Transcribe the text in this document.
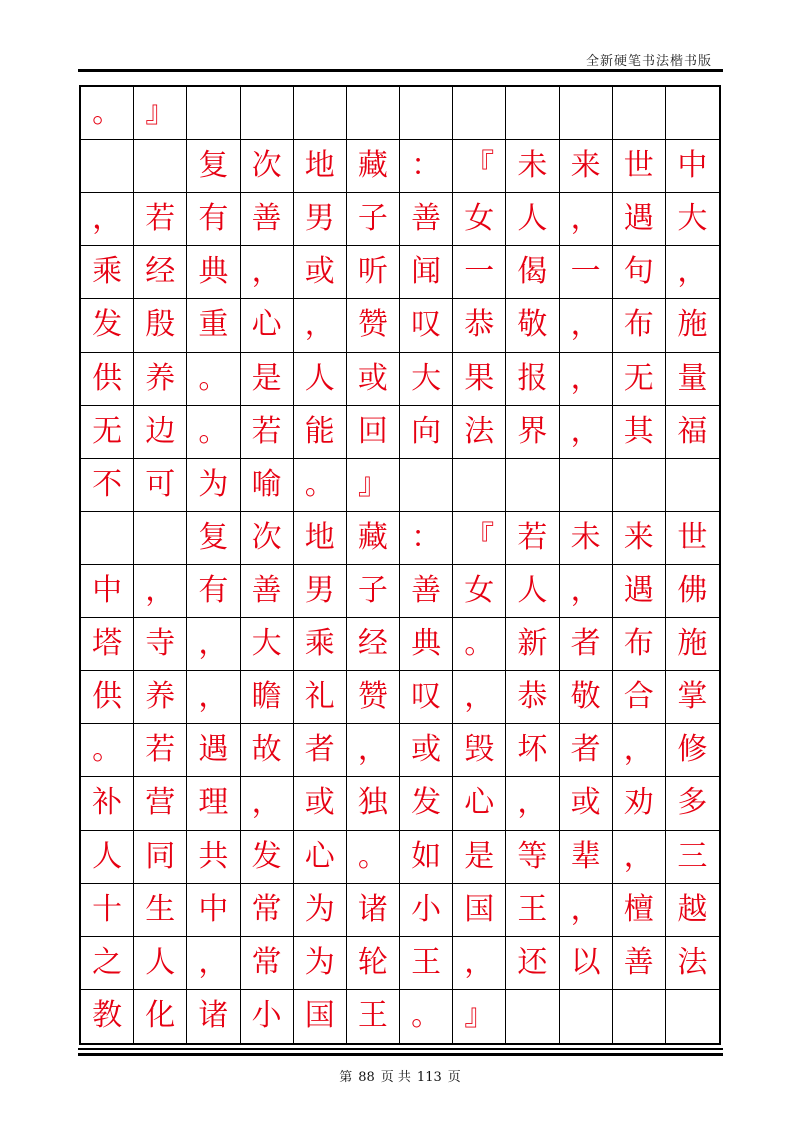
全新硬笔书法楷书版
。 』
复 次 地 藏 ： 『 未 来 世 中
， 若 有 善 男 子 善 女 人 ， 遇 大
乘 经 典 ， 或 听 闻 一 偈 一 句 ，
发 殷 重 心 ， 赞 叹 恭 敬 ， 布 施
供 养 。 是 人 或 大 果 报 ， 无 量
无 边 。 若 能 回 向 法 界 ， 其 福
不 可 为 喻 。 』
复 次 地 藏 ： 『 若 未 来 世
中 ， 有 善 男 子 善 女 人 ， 遇 佛
塔 寺 ， 大 乘 经 典 。 新 者 布 施
供 养 ， 瞻 礼 赞 叹 ， 恭 敬 合 掌
。 若 遇 故 者 ， 或 毁 坏 者 ， 修
补 营 理 ， 或 独 发 心 ， 或 劝 多
人 同 共 发 心 。 如 是 等 辈 ， 三
十 生 中 常 为 诸 小 国 王 ， 檀 越
之 人 ， 常 为 轮 王 ， 还 以 善 法
教 化 诸 小 国 王 。 』
第 88 页 共 113 页
